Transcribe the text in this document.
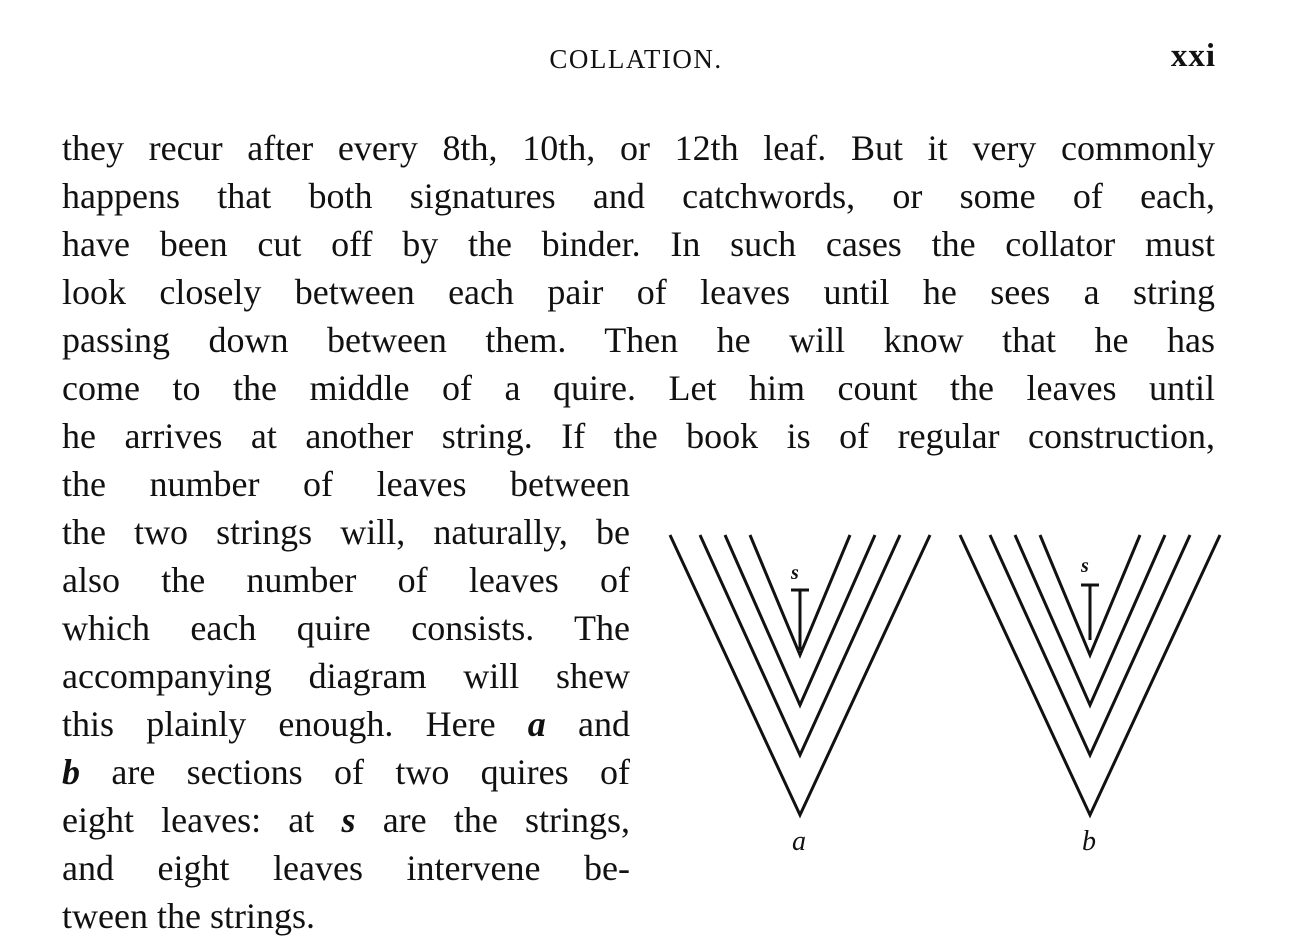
COLLATION.	xxi
they recur after every 8th, 10th, or 12th leaf. But it very commonly
happens that both signatures and catchwords, or some of each,
have been cut off by the binder. In such cases the collator must
look closely between each pair of leaves until he sees a string
passing down between them. Then he will know that he has
come to the middle of a quire. Let him count the leaves until
he arrives at another string. If the book is of regular construction,
the number of leaves between
the two strings will, naturally, be
also the number of leaves of
which each quire consists. The
accompanying diagram will shew
this plainly enough. Here a and
b are sections of two quires of
eight leaves: at s are the strings,
and eight leaves intervene be-
tween the strings.
s
a
s
b
